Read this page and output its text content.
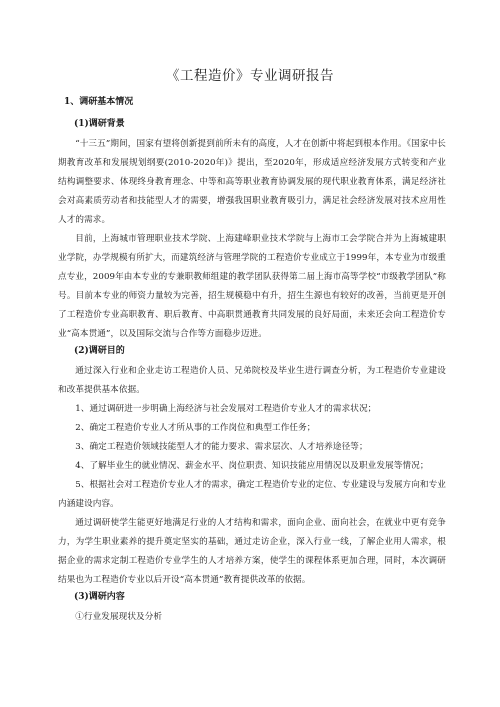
《工程造价》专业调研报告
1、调研基本情况
(1)调研背景

“十三五”期间，国家有望将创新提到前所未有的高度，人才在创新中将起到根本作用。《国家中长期教育改革和发展规划纲要(2010-2020年)》提出，至2020年，形成适应经济发展方式转变和产业结构调整要求、体现终身教育理念、中等和高等职业教育协调发展的现代职业教育体系，满足经济社会对高素质劳动者和技能型人才的需要，增强我国职业教育吸引力，满足社会经济发展对技术应用性人才的需求。

目前，上海城市管理职业技术学院、上海建峰职业技术学院与上海市工会学院合并为上海城建职业学院，办学规模有所扩大，而建筑经济与管理学院的工程造价专业成立于1999年，本专业为市级重点专业，2009年由本专业的专兼职教师组建的教学团队获得第二届上海市高等学校“市级教学团队”称号。目前本专业的师资力量较为完善，招生规模稳中有升，招生生源也有较好的改善，当前更是开创了工程造价专业高职教育、职后教育、中高职贯通教育共同发展的良好局面，未来还会向工程造价专业“高本贯通”，以及国际交流与合作等方面稳步迈进。

(2)调研目的

通过深入行业和企业走访工程造价人员、兄弟院校及毕业生进行调查分析，为工程造价专业建设和改革提供基本依据。

1、通过调研进一步明确上海经济与社会发展对工程造价专业人才的需求状况；

2、确定工程造价专业人才所从事的工作岗位和典型工作任务；

3、确定工程造价领域技能型人才的能力要求、需求层次、人才培养途径等；

4、了解毕业生的就业情况、薪金水平、岗位职责、知识技能应用情况以及职业发展等情况；

5、根据社会对工程造价专业人才的需求，确定工程造价专业的定位、专业建设与发展方向和专业内涵建设内容。

通过调研使学生能更好地满足行业的人才结构和需求，面向企业、面向社会，在就业中更有竞争力，为学生职业素养的提升奠定坚实的基础，通过走访企业，深入行业一线，了解企业用人需求，根据企业的需求定制工程造价专业学生的人才培养方案，使学生的课程体系更加合理，同时，本次调研结果也为工程造价专业以后开设“高本贯通”教育提供改革的依据。

(3)调研内容

①行业发展现状及分析
